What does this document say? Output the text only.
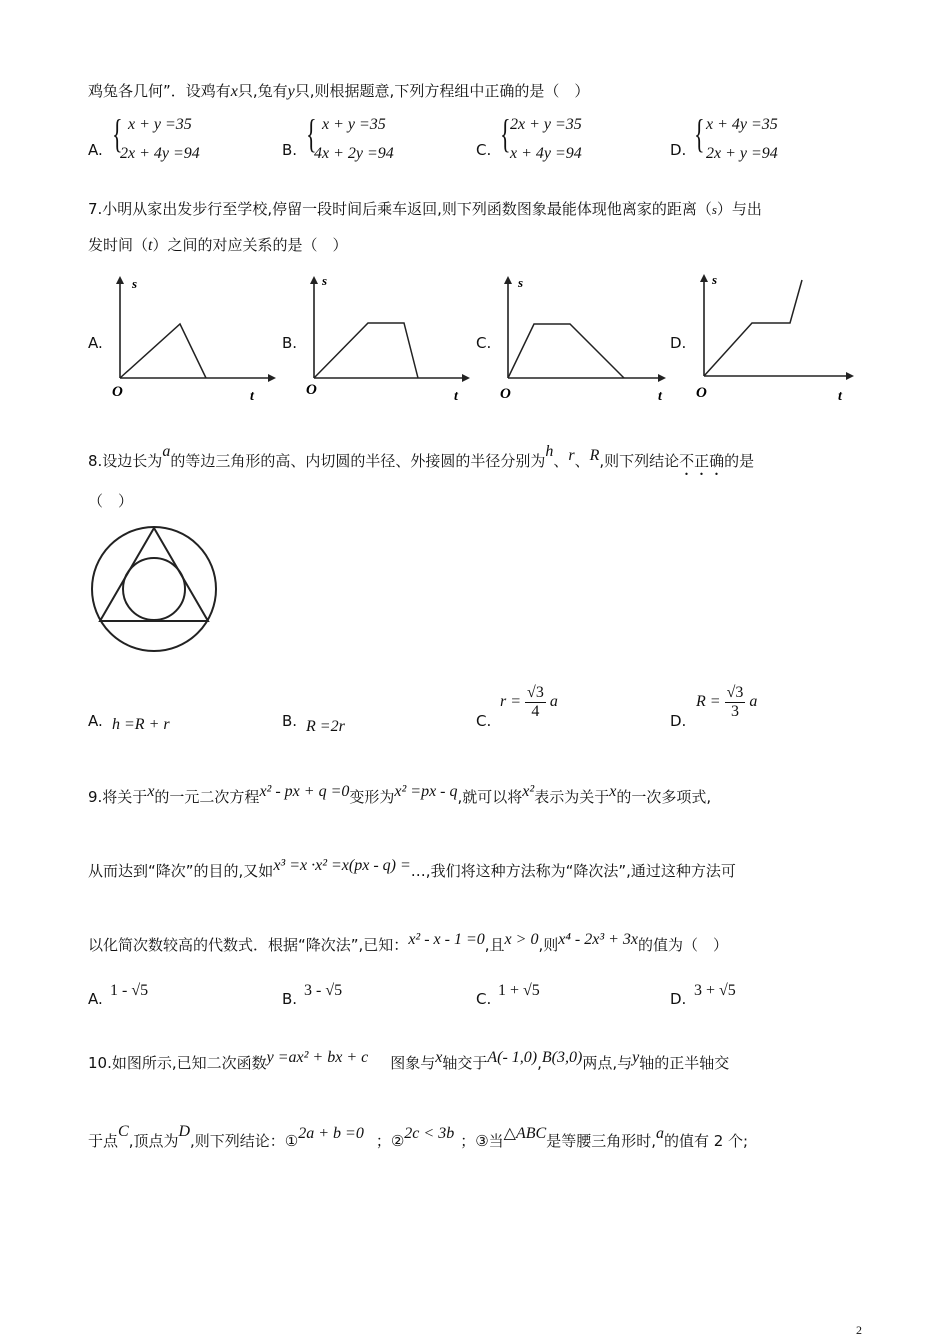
鸡兔各几何”．设鸡有x只,兔有y只,则根据题意,下列方程组中正确的是（　）
A. { x + y =35
2x + 4y =94	B. { x + y =35
4x + 2y =94	C. { 2x + y =35
x + 4y =94	D. { x + 4y =35
2x + y =94
7.小明从家出发步行至学校,停留一段时间后乘车返回,则下列函数图象最能体现他离家的距离（s）与出
发时间（t）之间的对应关系的是（　）
A.
s
O	t
B.
s
O	t
C.
s
O	t
D.
s
O	t
8.设边长为a的等边三角形的高、内切圆的半径、外接圆的半径分别为h、r、R,则下列结论不正确的是
（　）
A. h =R + r	B. R =2r	C.
$r = \frac{√3}{4}$ a
D.
$R = \frac{√3}{3}$ a
9.将关于x的一元二次方程x² - px + q =0变形为x² =px - q,就可以将x²表示为关于x的一次多项式,
从而达到“降次”的目的,又如x³ =x ·x² =x(px - q) =…,我们将这种方法称为“降次法”,通过这种方法可
以化简次数较高的代数式．根据“降次法”,已知：x² - x - 1 =0,且x > 0,则x⁴ - 2x³ + 3x的值为（　）
A. 1 - √5	B. 3 - √5	C. 1 + √5	D. 3 + √5
10.如图所示,已知二次函数y =ax² + bx + c 图象与x轴交于A(- 1,0),B(3,0)两点,与y轴的正半轴交
于点C,顶点为D,则下列结论：①2a + b =0 ；②2c < 3b ；③当△ABC是等腰三角形时,a的值有 2 个;
2
